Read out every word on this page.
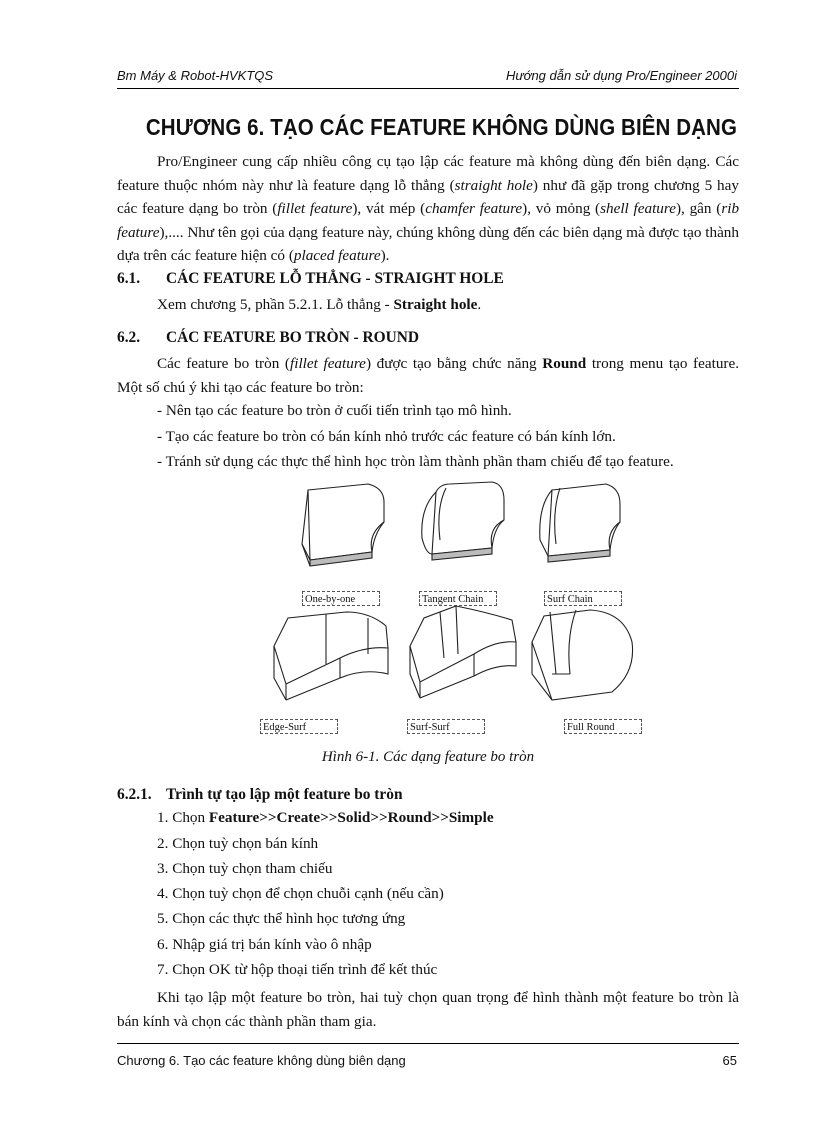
Bm Máy & Robot-HVKTQS	Hướng dẫn sử dụng Pro/Engineer 2000i
CHƯƠNG 6. TẠO CÁC FEATURE KHÔNG DÙNG BIÊN DẠNG
Pro/Engineer cung cấp nhiều công cụ tạo lập các feature mà không dùng đến biên dạng. Các feature thuộc nhóm này như là feature dạng lỗ thẳng (straight hole) như đã gặp trong chương 5 hay các feature dạng bo tròn (fillet feature), vát mép (chamfer feature), vỏ mỏng (shell feature), gân (rib feature),.... Như tên gọi của dạng feature này, chúng không dùng đến các biên dạng mà được tạo thành dựa trên các feature hiện có (placed feature).
6.1. CÁC FEATURE LỖ THẲNG - STRAIGHT HOLE
Xem chương 5, phần 5.2.1. Lỗ thẳng - Straight hole.
6.2. CÁC FEATURE BO TRÒN - ROUND
Các feature bo tròn (fillet feature) được tạo bằng chức năng Round trong menu tạo feature. Một số chú ý khi tạo các feature bo tròn:
- Nên tạo các feature bo tròn ở cuối tiến trình tạo mô hình.
- Tạo các feature bo tròn có bán kính nhỏ trước các feature có bán kính lớn.
- Tránh sử dụng các thực thể hình học tròn làm thành phần tham chiếu để tạo feature.
One-by-one	Tangent Chain	Surf Chain
Edge-Surf	Surf-Surf	Full Round
Hình 6-1. Các dạng feature bo tròn
6.2.1. Trình tự tạo lập một feature bo tròn
1. Chọn Feature>>Create>>Solid>>Round>>Simple
2. Chọn tuỳ chọn bán kính
3. Chọn tuỳ chọn tham chiếu
4. Chọn tuỳ chọn để chọn chuỗi cạnh (nếu cần)
5. Chọn các thực thể hình học tương ứng
6. Nhập giá trị bán kính vào ô nhập
7. Chọn OK từ hộp thoại tiến trình để kết thúc
Khi tạo lập một feature bo tròn, hai tuỳ chọn quan trọng để hình thành một feature bo tròn là bán kính và chọn các thành phần tham gia.
Chương 6. Tạo các feature không dùng biên dạng	65
